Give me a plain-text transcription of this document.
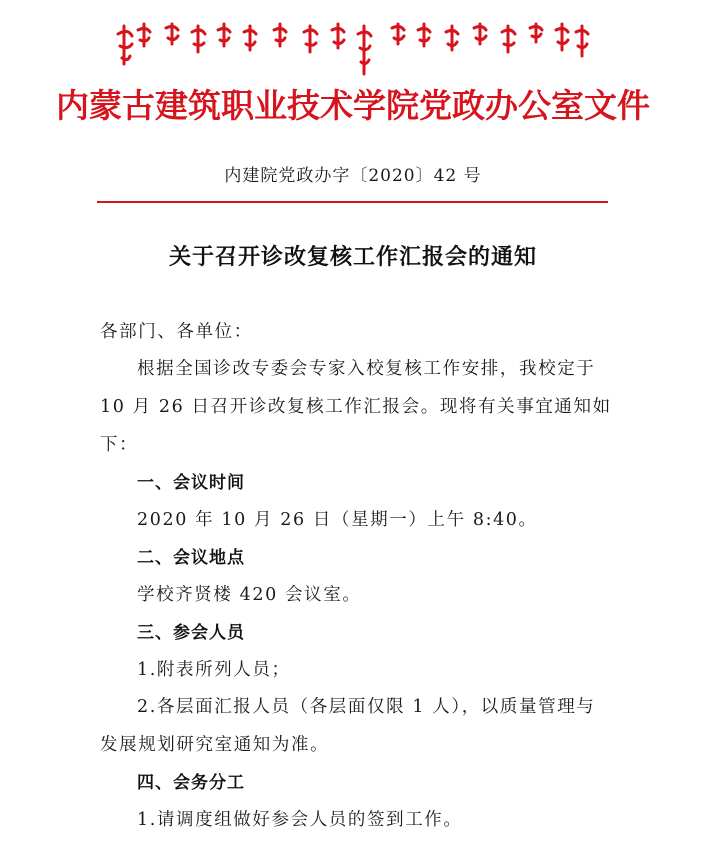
内蒙古建筑职业技术学院党政办公室文件
内建院党政办字〔2020〕42 号
关于召开诊改复核工作汇报会的通知
各部门、各单位：
根据全国诊改专委会专家入校复核工作安排，我校定于
10 月 26 日召开诊改复核工作汇报会。现将有关事宜通知如
下：
一、会议时间
2020 年 10 月 26 日（星期一）上午 8:40。
二、会议地点
学校齐贤楼 420 会议室。
三、参会人员
1.附表所列人员；
2.各层面汇报人员（各层面仅限 1 人），以质量管理与
发展规划研究室通知为准。
四、会务分工
1.请调度组做好参会人员的签到工作。
